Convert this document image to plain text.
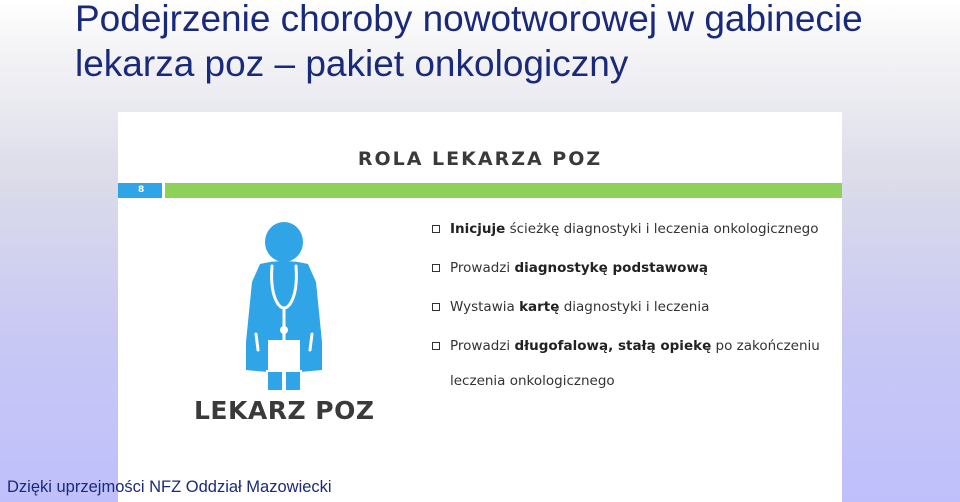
Podejrzenie choroby nowotworowej w gabinecie lekarza poz – pakiet onkologiczny
ROLA LEKARZA POZ
8

LEKARZ POZ

Inicjuje ścieżkę diagnostyki i leczenia onkologicznego
Prowadzi diagnostykę podstawową
Wystawia kartę diagnostyki i leczenia
Prowadzi długofalową, stałą opiekę po zakończeniu leczenia onkologicznego

Dzięki uprzejmości NFZ Oddział Mazowiecki
